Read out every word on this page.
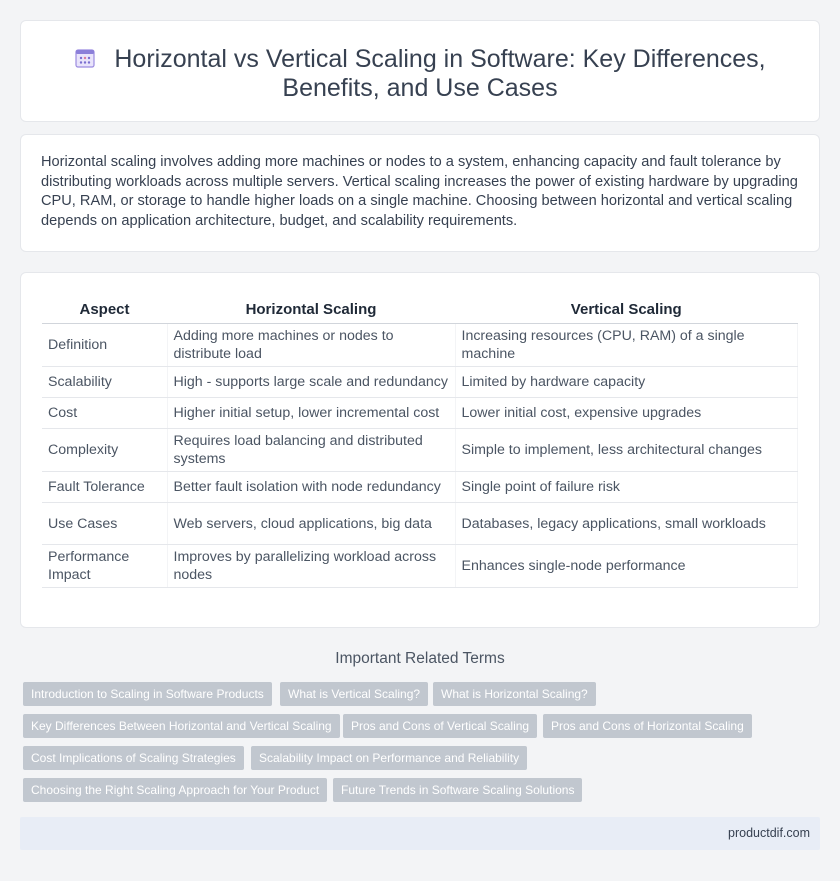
Horizontal vs Vertical Scaling in Software: Key Differences,
Benefits, and Use Cases
Horizontal scaling involves adding more machines or nodes to a system, enhancing capacity and fault tolerance by distributing workloads across multiple servers. Vertical scaling increases the power of existing hardware by upgrading CPU, RAM, or storage to handle higher loads on a single machine. Choosing between horizontal and vertical scaling depends on application architecture, budget, and scalability requirements.
Aspect	Horizontal Scaling	Vertical Scaling
Definition	Adding more machines or nodes to distribute load	Increasing resources (CPU, RAM) of a single machine
Scalability	High - supports large scale and redundancy	Limited by hardware capacity
Cost	Higher initial setup, lower incremental cost	Lower initial cost, expensive upgrades
Complexity	Requires load balancing and distributed systems	Simple to implement, less architectural changes
Fault Tolerance	Better fault isolation with node redundancy	Single point of failure risk
Use Cases	Web servers, cloud applications, big data	Databases, legacy applications, small workloads
Performance Impact	Improves by parallelizing workload across nodes	Enhances single-node performance
Important Related Terms
Introduction to Scaling in Software Products	What is Vertical Scaling?	What is Horizontal Scaling?
Key Differences Between Horizontal and Vertical Scaling	Pros and Cons of Vertical Scaling	Pros and Cons of Horizontal Scaling
Cost Implications of Scaling Strategies	Scalability Impact on Performance and Reliability
Choosing the Right Scaling Approach for Your Product	Future Trends in Software Scaling Solutions
productdif.com
